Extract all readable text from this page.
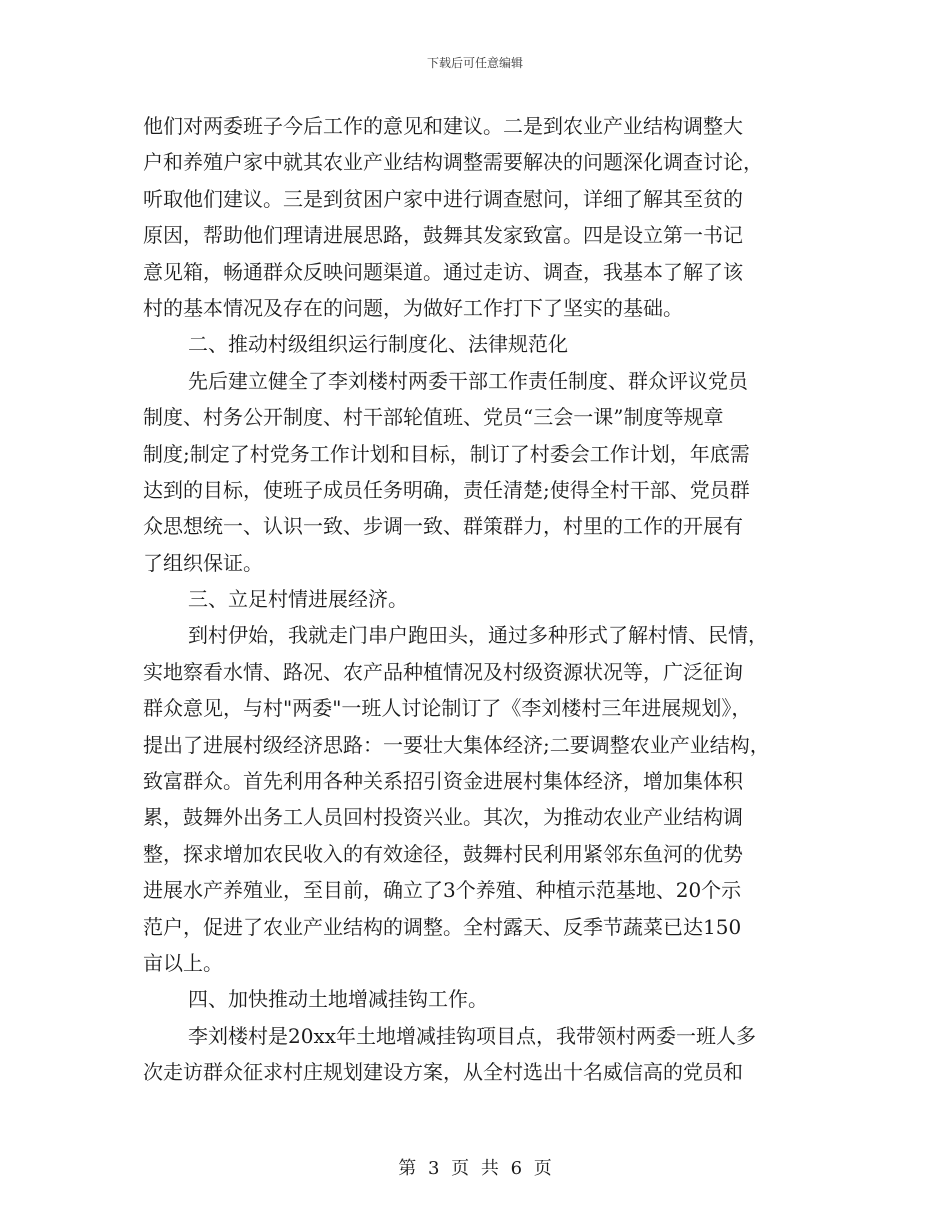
下载后可任意编辑
他们对两委班子今后工作的意见和建议。二是到农业产业结构调整大
户和养殖户家中就其农业产业结构调整需要解决的问题深化调查讨论，
听取他们建议。三是到贫困户家中进行调查慰问，详细了解其至贫的
原因，帮助他们理请进展思路，鼓舞其发家致富。四是设立第一书记
意见箱，畅通群众反映问题渠道。通过走访、调查，我基本了解了该
村的基本情况及存在的问题，为做好工作打下了坚实的基础。
二、推动村级组织运行制度化、法律规范化
先后建立健全了李刘楼村两委干部工作责任制度、群众评议党员
制度、村务公开制度、村干部轮值班、党员“三会一课”制度等规章
制度;制定了村党务工作计划和目标，制订了村委会工作计划，年底需
达到的目标，使班子成员任务明确，责任清楚;使得全村干部、党员群
众思想统一、认识一致、步调一致、群策群力，村里的工作的开展有
了组织保证。
三、立足村情进展经济。
到村伊始，我就走门串户跑田头，通过多种形式了解村情、民情，
实地察看水情、路况、农产品种植情况及村级资源状况等，广泛征询
群众意见，与村"两委"一班人讨论制订了《李刘楼村三年进展规划》，
提出了进展村级经济思路：一要壮大集体经济;二要调整农业产业结构，
致富群众。首先利用各种关系招引资金进展村集体经济，增加集体积
累，鼓舞外出务工人员回村投资兴业。其次，为推动农业产业结构调
整，探求增加农民收入的有效途径，鼓舞村民利用紧邻东鱼河的优势
进展水产养殖业，至目前，确立了3个养殖、种植示范基地、20个示
范户，促进了农业产业结构的调整。全村露天、反季节蔬菜已达150
亩以上。
四、加快推动土地增减挂钩工作。
李刘楼村是20xx年土地增减挂钩项目点，我带领村两委一班人多
次走访群众征求村庄规划建设方案，从全村选出十名威信高的党员和
第 3 页 共 6 页
